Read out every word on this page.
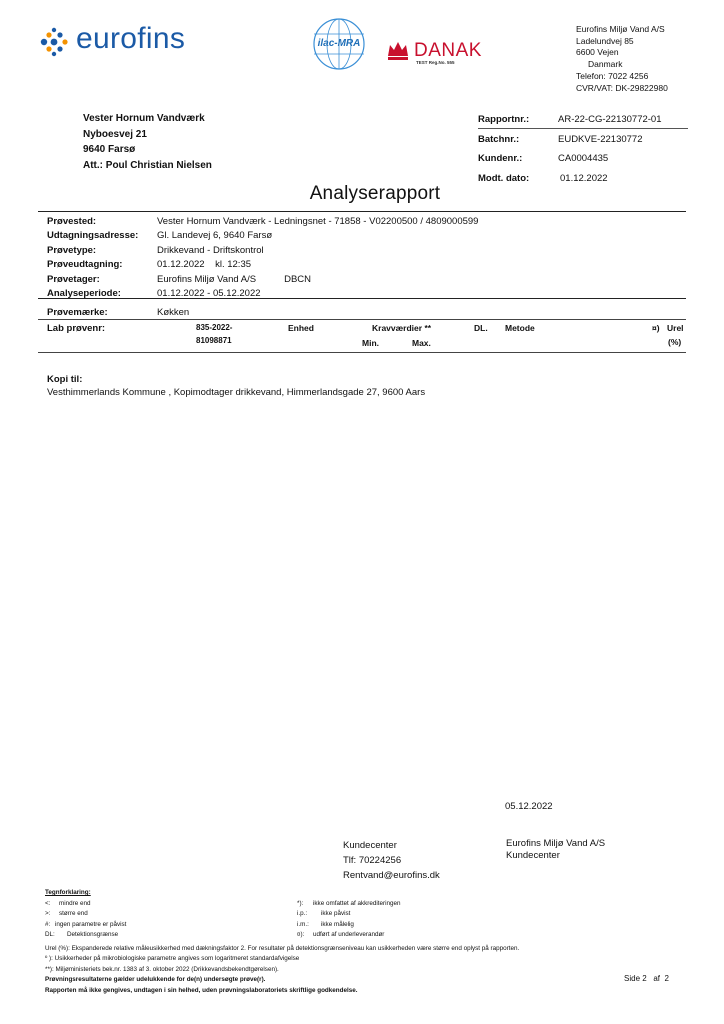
eurofins	ilac-MRA	DANAK
TEST Reg.No. 555
Eurofins Miljø Vand A/S
Ladelundvej 85
6600 Vejen
Danmark
Telefon: 7022 4256
CVR/VAT: DK-29822980
Vester Hornum Vandværk
Nyboesvej 21
9640 Farsø
Att.: Poul Christian Nielsen
Rapportnr.:	AR-22-CG-22130772-01
Batchnr.:	EUDKVE-22130772
Kundenr.:	CA0004435
Modt. dato:	01.12.2022
Analyserapport
Prøvested:	Vester Hornum Vandværk - Ledningsnet - 71858 - V02200500 / 4809000599
Udtagningsadresse:	Gl. Landevej 6, 9640 Farsø
Prøvetype:	Drikkevand - Driftskontrol
Prøveudtagning:	01.12.2022    kl. 12:35
Prøvetager:	Eurofins Miljø Vand A/S	DBCN
Analyseperiode:	01.12.2022 - 05.12.2022
Prøvemærke:	Køkken
Lab prøvenr:	835-2022-
81098871
Enhed	Kravværdier **
Min.	Max.
DL. Metode	¤) Urel
(%)
Kopi til:
Vesthimmerlands Kommune , Kopimodtager drikkevand, Himmerlandsgade 27, 9600 Aars
05.12.2022
Kundecenter
Tlf: 70224256
Rentvand@eurofins.dk
Eurofins Miljø Vand A/S
Kundecenter
Tegnforklaring:
<: mindre end
>: større end
#: ingen parametre er påvist
DL: Detektionsgrænse
*): ikke omfattet af akkrediteringen
i.p.: ikke påvist
i.m.: ikke målelig
¤): udført af underleverandør
Urel (%): Ekspanderede relative måleusikkerhed med dækningsfaktor 2. For resultater på detektionsgrænseniveau kan usikkerheden være større end oplyst på rapporten.
º ): Usikkerheder på mikrobiologiske parametre angives som logaritmeret standardafvigelse
**): Miljøministeriets bek.nr. 1383 af 3. oktober 2022 (Drikkevandsbekendtgørelsen).
Prøvningsresultaterne gælder udelukkende for de(n) undersøgte prøve(r).
Rapporten må ikke gengives, undtagen i sin helhed, uden prøvningslaboratoriets skriftlige godkendelse.
Side 2   af  2
